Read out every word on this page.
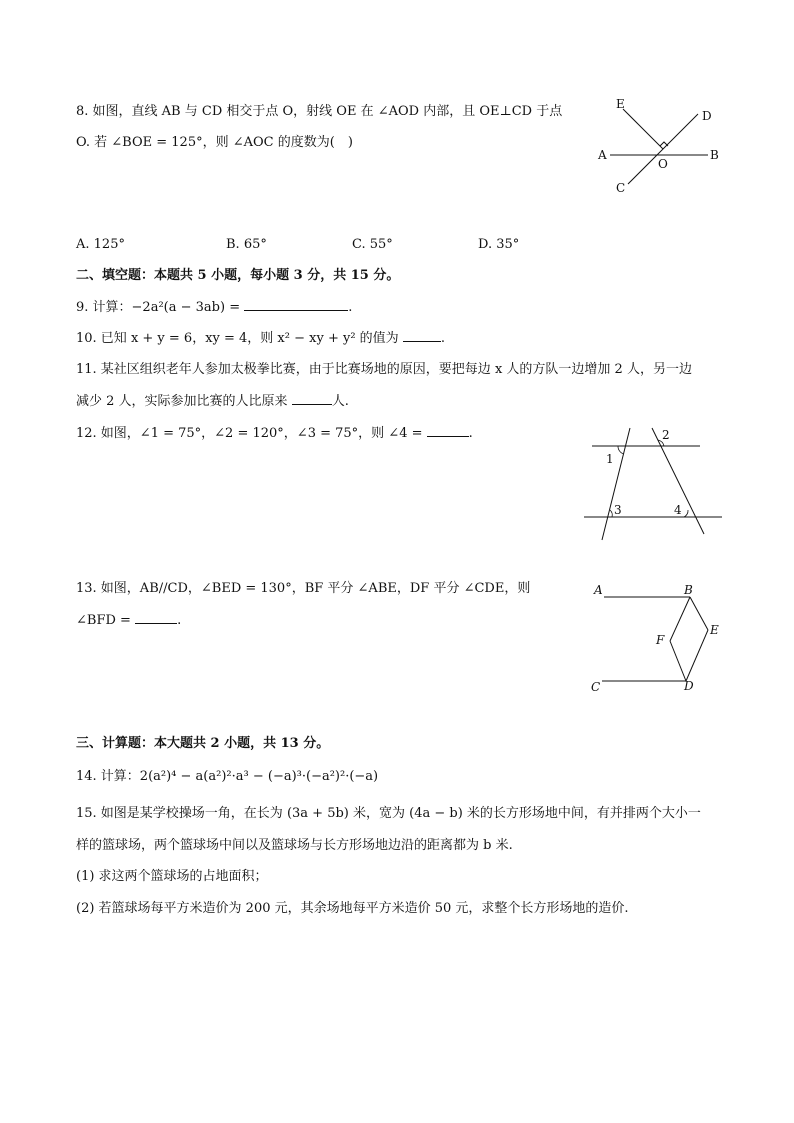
8. 如图，直线 AB 与 CD 相交于点 O，射线 OE 在 ∠AOD 内部，且 OE⊥CD 于点
O. 若 ∠BOE = 125°，则 ∠AOC 的度数为(　)
E
D
A	B
O
C
A. 125°	B. 65°	C. 55°	D. 35°
二、填空题：本题共 5 小题，每小题 3 分，共 15 分。
9. 计算：−2a²(a − 3ab) =	.
10. 已知 x + y = 6，xy = 4，则 x² − xy + y² 的值为	.
11. 某社区组织老年人参加太极拳比赛，由于比赛场地的原因，要把每边 x 人的方队一边增加 2 人，另一边
减少 2 人，实际参加比赛的人比原来	人.
12. 如图，∠1 = 75°，∠2 = 120°，∠3 = 75°，则 ∠4 =	.
1
2
3	4
13. 如图，AB//CD，∠BED = 130°，BF 平分 ∠ABE，DF 平分 ∠CDE，则
∠BFD =	.
A	B
E
F
C	D
三、计算题：本大题共 2 小题，共 13 分。
14. 计算：2(a²)⁴ − a(a²)²·a³ − (−a)³·(−a²)²·(−a)
15. 如图是某学校操场一角，在长为 (3a + 5b) 米，宽为 (4a − b) 米的长方形场地中间，有并排两个大小一
样的篮球场，两个篮球场中间以及篮球场与长方形场地边沿的距离都为 b 米.
(1) 求这两个篮球场的占地面积；
(2) 若篮球场每平方米造价为 200 元，其余场地每平方米造价 50 元，求整个长方形场地的造价.
